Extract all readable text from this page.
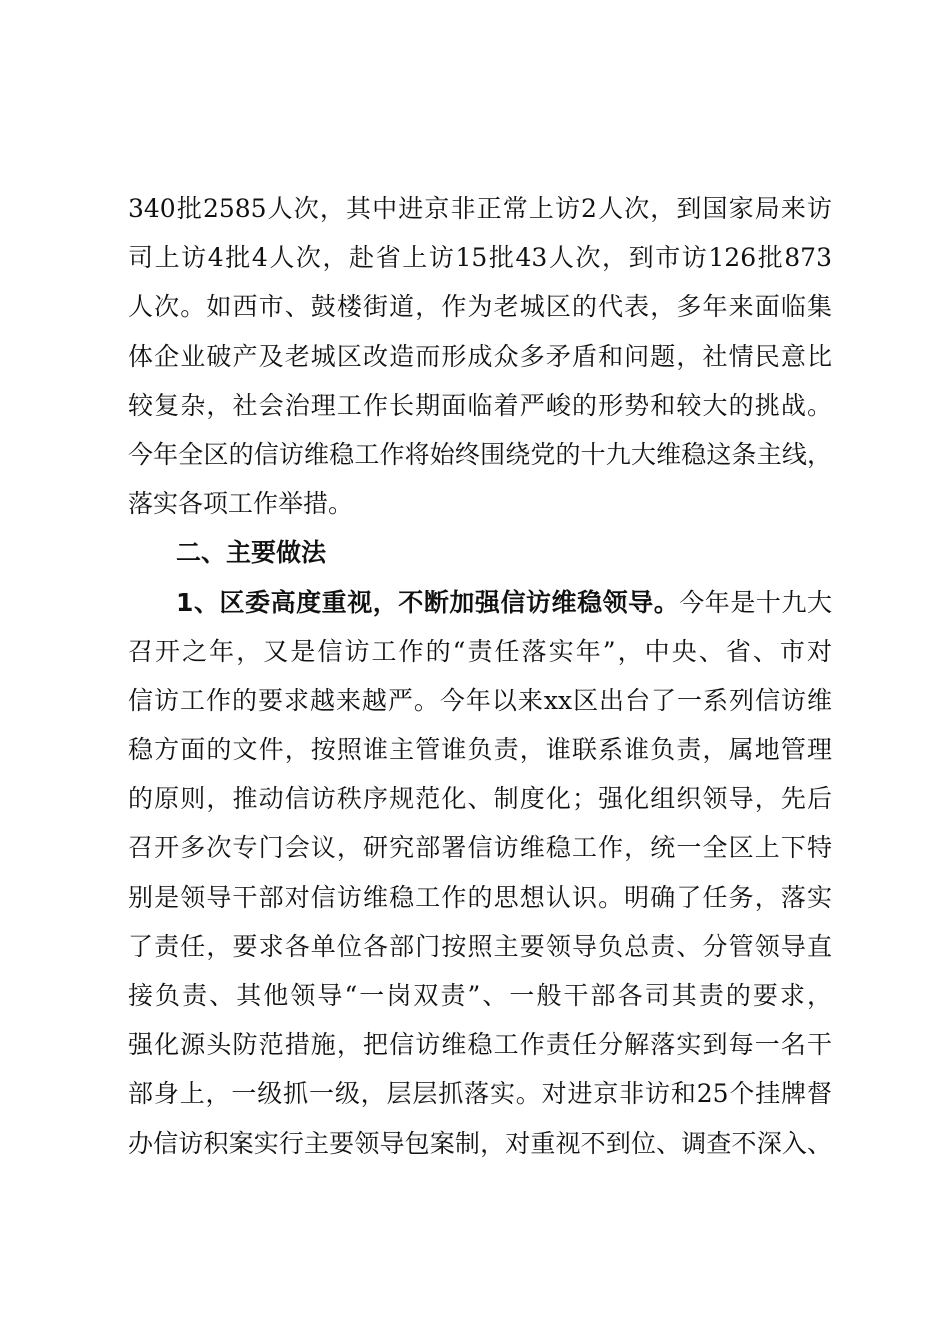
340批2585人次，其中进京非正常上访2人次，到国家局来访
司上访4批4人次，赴省上访15批43人次，到市访126批873
人次。如西市、鼓楼街道，作为老城区的代表，多年来面临集
体企业破产及老城区改造而形成众多矛盾和问题，社情民意比
较复杂，社会治理工作长期面临着严峻的形势和较大的挑战。
今年全区的信访维稳工作将始终围绕党的十九大维稳这条主线，
落实各项工作举措。
二、主要做法
1、区委高度重视，不断加强信访维稳领导。今年是十九大
召开之年，又是信访工作的“责任落实年”，中央、省、市对
信访工作的要求越来越严。今年以来xx区出台了一系列信访维
稳方面的文件，按照谁主管谁负责，谁联系谁负责，属地管理
的原则，推动信访秩序规范化、制度化；强化组织领导，先后
召开多次专门会议，研究部署信访维稳工作，统一全区上下特
别是领导干部对信访维稳工作的思想认识。明确了任务，落实
了责任，要求各单位各部门按照主要领导负总责、分管领导直
接负责、其他领导“一岗双责”、一般干部各司其责的要求，
强化源头防范措施，把信访维稳工作责任分解落实到每一名干
部身上，一级抓一级，层层抓落实。对进京非访和25个挂牌督
办信访积案实行主要领导包案制，对重视不到位、调查不深入、
